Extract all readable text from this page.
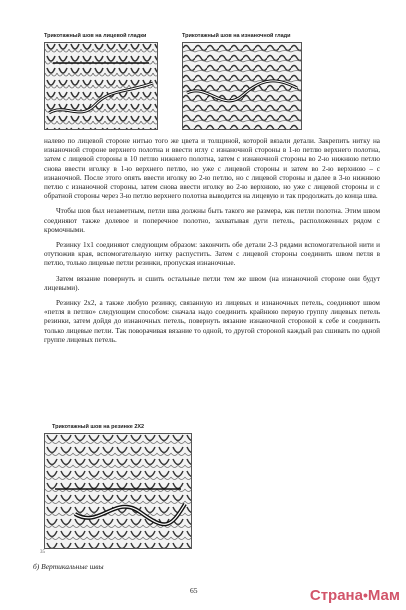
Трикотажный шов на лицевой гладки	Трикотажный шов на изнаночной глади

налево по лицевой стороне нитью того же цвета и толщиной, которой вязали детали. Закрепить нитку на изнаночной стороне верхнего полотна и ввести иглу с изнаночной стороны в 1-ю петлю верхнего полотна, затем с лицевой стороны в 10 петлю нижнего полотна, затем с изнаночной стороны во 2-ю нижнюю петлю снова ввести иголку в 1-ю верхнего петлю, но уже с лицевой стороны и затем во 2-ю верхнюю – с изнаночной. После этого опять ввести иголку во 2-ю петлю, но с лицевой стороны и далее в 3-ю нижнюю петлю с изнаночной стороны, затем снова ввести иголку во 2-ю верхнюю, но уже с лицевой стороны и с обратной стороны через 3-ю петлю верхнего полотна выводится на лицевую и так продолжать до конца шва.

Чтобы шов был незаметным, петли шва должны быть такого же размера, как петли полотна. Этим швом соединяют также долевое и поперечное полотно, захватывая дуги петель, расположенных рядом с кромочными.

Резинку 1х1 соединяют следующим образом: закончить обе детали 2-3 рядами вспомогательной нити и отутюжив края, вспомогательную нитку распустить. Затем с лицевой стороны соединить швом петля в петлю, только лицевые петли резинки, пропуская изнаночные.

Затем вязание повернуть и сшить остальные петли тем же швом (на изнаночной стороне они будут лицевыми).

Резинку 2х2, а также любую резинку, связанную из лицевых и изнаночных петель, соединяют швом «петля в петлю» следующим способом: сначала надо соединить крайнюю первую группу лицевых петель резинки, затем дойдя до изнаночных петель, повернуть вязание изнаночной стороной к себе и соединить только лицевые петли. Так поворачивая вязание то одной, то другой стороной каждый раз сшивать по одной группе лицевых петель.

Трикотажный шов на резинке 2Х2
35
б) Вертикальные швы
65	Страна•Мам
